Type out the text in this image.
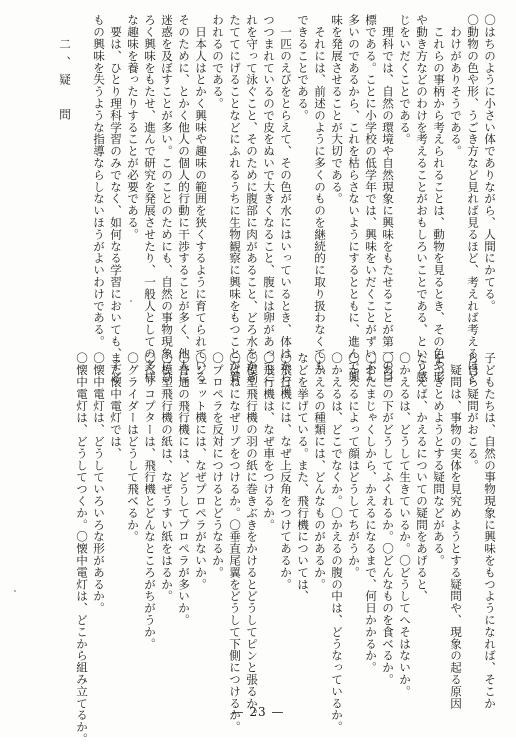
〇はちのように小さい体でありながら、人間にかてる。
〇動物の色や形、うごき方など見れば見るほど、考えれば考えるほど
　わけがありそうである。
　これらの事柄から考えられることは、動物を見るとき、その色や形
や動き方などのわけを考えることがおもしろいことである、という感
じをいだくことである。
　理科では、自然の環境や自然現象に興味をもたせることが第一の目
標である。ことに小学校の低学年では、興味をいだくことがずいぶん
多いのであるから、これを枯らさないようにするとともに、進んで興
味を発展させることが大切である。
　それには、前述のように多くのものを継続的に取り扱わなくても、
できることである。
　一匹のえびをとらえて、その色が水にはいっているとき、体はからで
つつまれているので皮をぬいで大きくなること、腹には卵があってこ
れを守って泳ぐこと、そのために腹部に肉があること、どろ水をかき
たててにげることなどにふれるうちに生物観察に興味をもつことが養
われるのである。
　日本人はとかく興味や趣味の範囲を狭くするように育てられている
そのために、とかく他人の個人的行動に干渉することが多く、他人に
迷惑を及ぼすことが多い。このことのためにも、自然の事物現象にひ
ろく興味をもたせ、進んで研究を発展させたり、一般人としての多様
な趣味を養ったりすることが必要である。
　要は、ひとり理科学習のみでなく、如何なる学習においても、子ど
もの興味を失うような指導ならしないほうがよいわけである。
二、疑　問
子どもたちは、自然の事物現象に興味をもつようになれば、そこか
ら自ら疑問がおこる。
　疑問は、事物の実体を見究めようとする疑問や、現象の起る原因
をつきとめようとする疑問などがある。
たとえば、かえるについての疑問をあげると、
〇かえるは、どうして生きているか。〇どうしてへそはないか。
〇あごの下がどうしてふくれるか。〇どんなものを食べるか。
〇おたまじゃくしから、かえるになるまで、何日かかるか。
〇かえるによって顔はどうしてちがうか。
〇かえるは、どこでなくか。〇かえるの腹の中は、どうなっているか。
〇かえるの種類には、どんなものがあるか。
などを挙げている。また、飛行機については、
〇飛行機には、なぜ上反角をつけてあるか。
〇飛行機は、なぜ車をつけるか。
〇模型飛行機の羽の紙に巻きぶきをかけるとどうしてピンと張るか。
〇はねになぜリブをつけるか。〇垂直尾翼をどうして下側につけるか。
〇プロペラを反対につけるとどうなるか。
〇ジェット機には、なぜプロペラがないか。
〇普通の飛行機には、どうしてプロペラが多いか。
〇模型飛行機の紙は、なぜうすい紙をはるか。
〇ヘリコプターは、飛行機とどんなところがちがうか。
〇グライダーはどうして飛べるか。
また懐中電灯では、
〇懐中電灯は、どうしていろいろな形があるか。
〇懐中電灯は、どうしてつくか。〇懐中電灯は、どこから組み立てるか。	— 23 —
